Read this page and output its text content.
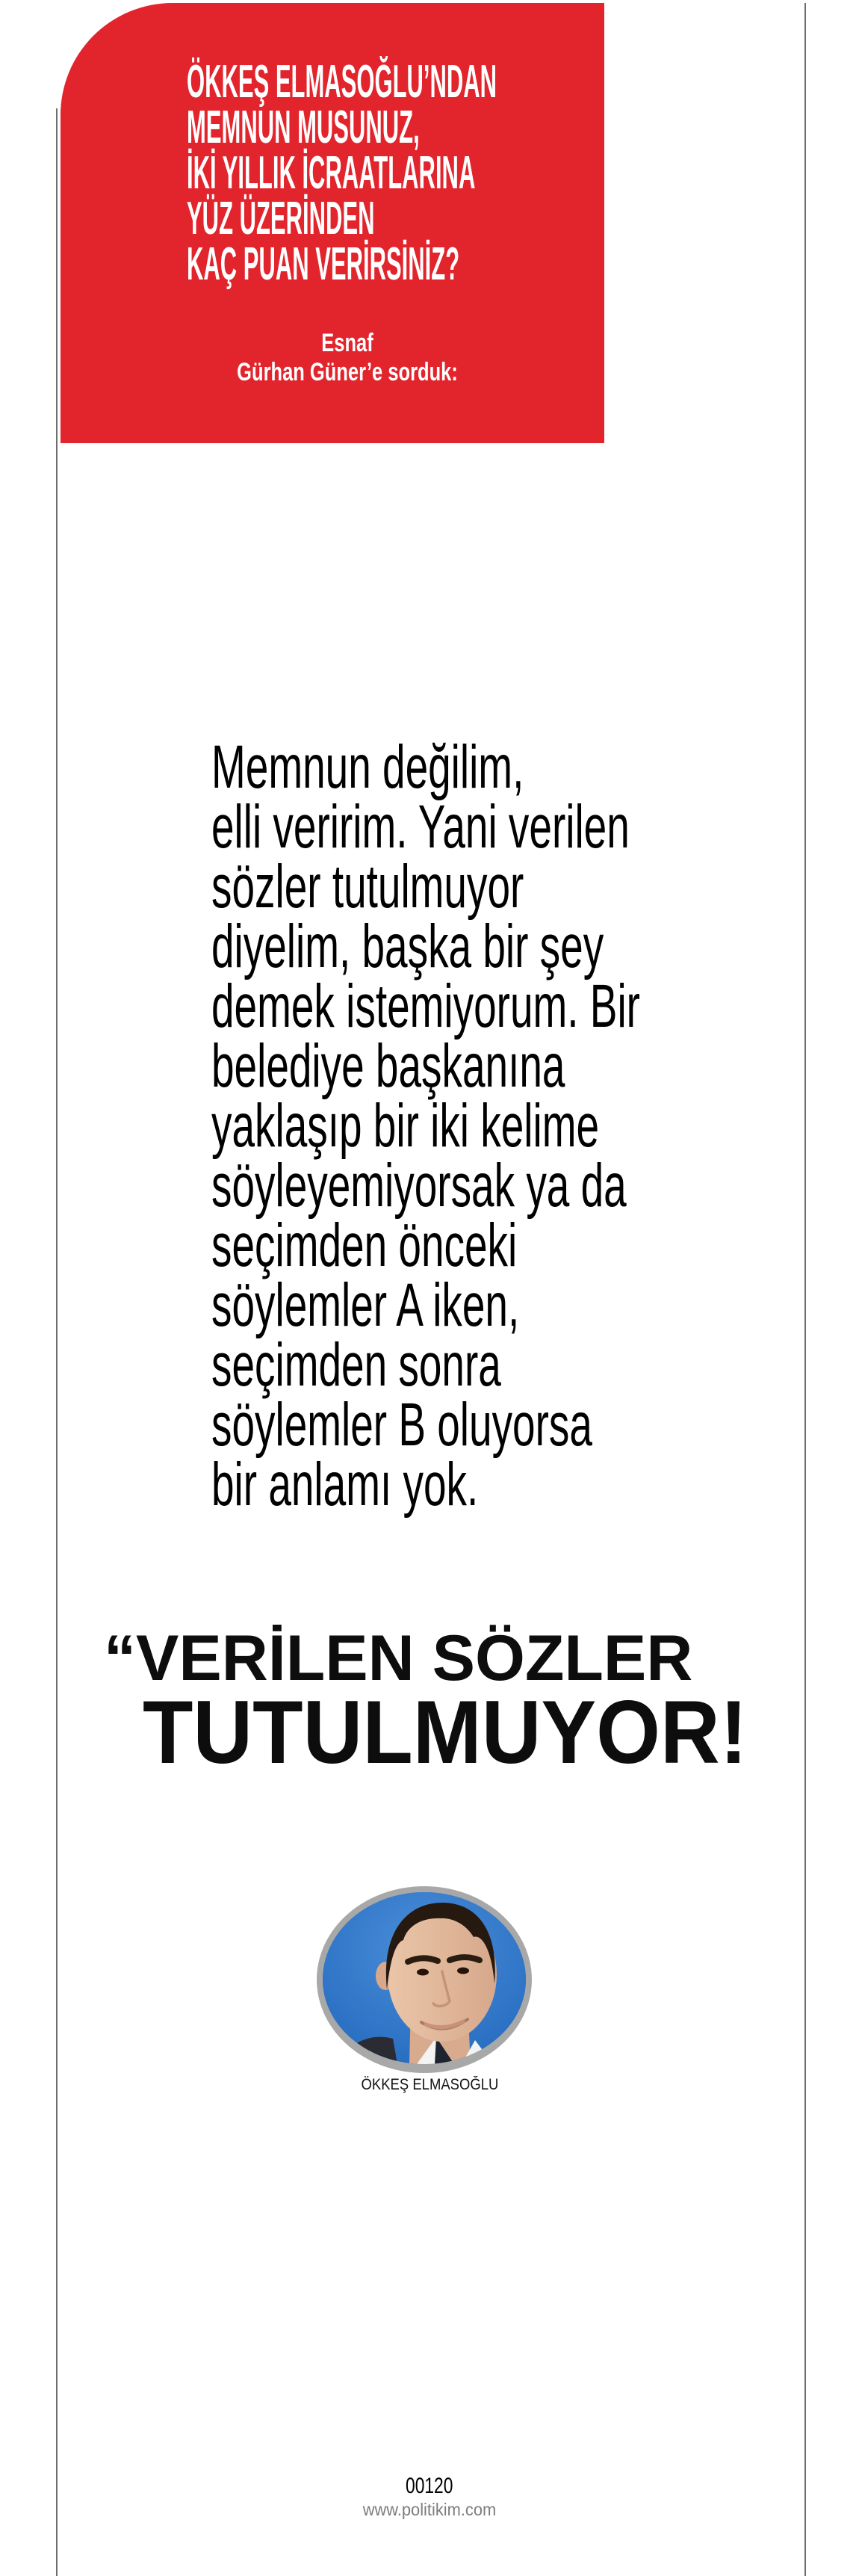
ÖKKEŞ ELMASOĞLU’NDAN
MEMNUN MUSUNUZ,
İKİ YILLIK İCRAATLARINA
YÜZ ÜZERİNDEN
KAÇ PUAN VERİRSİNİZ?
Esnaf
Gürhan Güner’e sorduk:
Memnun değilim,
elli veririm. Yani verilen
sözler tutulmuyor
diyelim, başka bir şey
demek istemiyorum. Bir
belediye başkanına
yaklaşıp bir iki kelime
söyleyemiyorsak ya da
seçimden önceki
söylemler A iken,
seçimden sonra
söylemler B oluyorsa
bir anlamı yok.
“VERİLEN SÖZLER
TUTULMUYOR!
ÖKKEŞ ELMASOĞLU
00120
www.politikim.com
